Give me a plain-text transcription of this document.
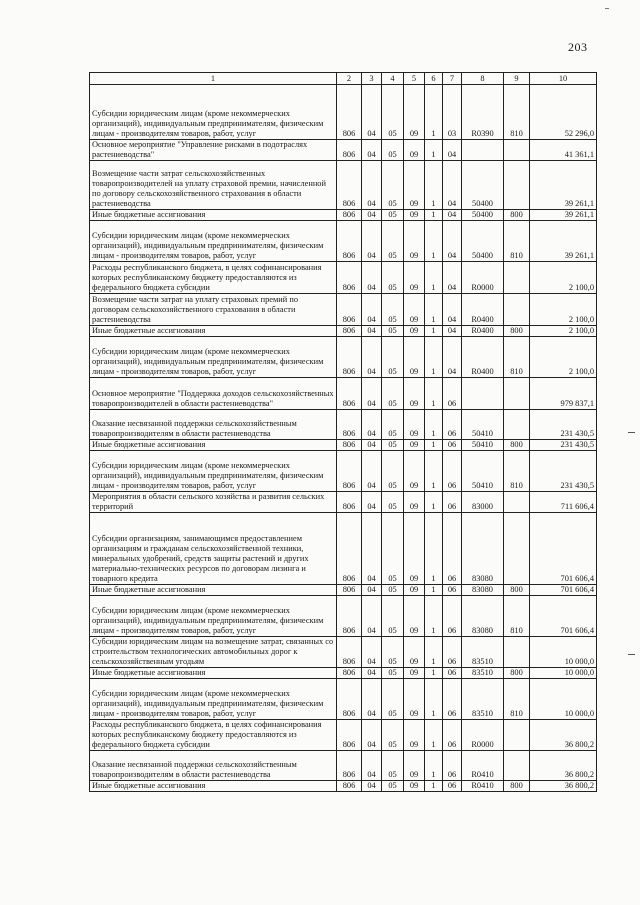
203
1	2	3	4	5	6	7	8	9	10
Субсидии юридическим лицам (кроме некоммерческих организаций), индивидуальным предпринимателям, физическим лицам - производителям товаров, работ, услуг	806	04	05	09	1	03	R0390	810	52 296,0
Основное мероприятие "Управление рисками в подотраслях растениеводства"	806	04	05	09	1	04			41 361,1
Возмещение части затрат сельскохозяйственных товаропроизводителей на уплату страховой премии, начисленной по договору сельскохозяйственного страхования в области растениеводства	806	04	05	09	1	04	50400		39 261,1
Иные бюджетные ассигнования	806	04	05	09	1	04	50400	800	39 261,1
Субсидии юридическим лицам (кроме некоммерческих организаций), индивидуальным предпринимателям, физическим лицам - производителям товаров, работ, услуг	806	04	05	09	1	04	50400	810	39 261,1
Расходы республиканского бюджета, в целях софинансирования которых республиканскому бюджету предоставляются из федерального бюджета субсидии	806	04	05	09	1	04	R0000		2 100,0
Возмещение части затрат на уплату страховых премий по договорам сельскохозяйственного страхования в области растениеводства	806	04	05	09	1	04	R0400		2 100,0
Иные бюджетные ассигнования	806	04	05	09	1	04	R0400	800	2 100,0
Субсидии юридическим лицам (кроме некоммерческих организаций), индивидуальным предпринимателям, физическим лицам - производителям товаров, работ, услуг	806	04	05	09	1	04	R0400	810	2 100,0
Основное мероприятие "Поддержка доходов сельскохозяйственных товаропроизводителей в области растениеводства"	806	04	05	09	1	06			979 837,1
Оказание несвязанной поддержки сельскохозяйственным товаропроизводителям в области растениеводства	806	04	05	09	1	06	50410		231 430,5
Иные бюджетные ассигнования	806	04	05	09	1	06	50410	800	231 430,5
Субсидии юридическим лицам (кроме некоммерческих организаций), индивидуальным предпринимателям, физическим лицам - производителям товаров, работ, услуг	806	04	05	09	1	06	50410	810	231 430,5
Мероприятия в области сельского хозяйства и развития сельских территорий	806	04	05	09	1	06	83000		711 606,4
Субсидии организациям, занимающимся предоставлением организациям и гражданам сельскохозяйственной техники, минеральных удобрений, средств защиты растений и других материально-технических ресурсов по договорам лизинга и товарного кредита	806	04	05	09	1	06	83080		701 606,4
Иные бюджетные ассигнования	806	04	05	09	1	06	83080	800	701 606,4
Субсидии юридическим лицам (кроме некоммерческих организаций), индивидуальным предпринимателям, физическим лицам - производителям товаров, работ, услуг	806	04	05	09	1	06	83080	810	701 606,4
Субсидии юридическим лицам на возмещение затрат, связанных со строительством технологических автомобильных дорог к сельскохозяйственным угодьям	806	04	05	09	1	06	83510		10 000,0
Иные бюджетные ассигнования	806	04	05	09	1	06	83510	800	10 000,0
Субсидии юридическим лицам (кроме некоммерческих организаций), индивидуальным предпринимателям, физическим лицам - производителям товаров, работ, услуг	806	04	05	09	1	06	83510	810	10 000,0
Расходы республиканского бюджета, в целях софинансирования которых республиканскому бюджету предоставляются из федерального бюджета субсидии	806	04	05	09	1	06	R0000		36 800,2
Оказание несвязанной поддержки сельскохозяйственным товаропроизводителям в области растениеводства	806	04	05	09	1	06	R0410		36 800,2
Иные бюджетные ассигнования	806	04	05	09	1	06	R0410	800	36 800,2
